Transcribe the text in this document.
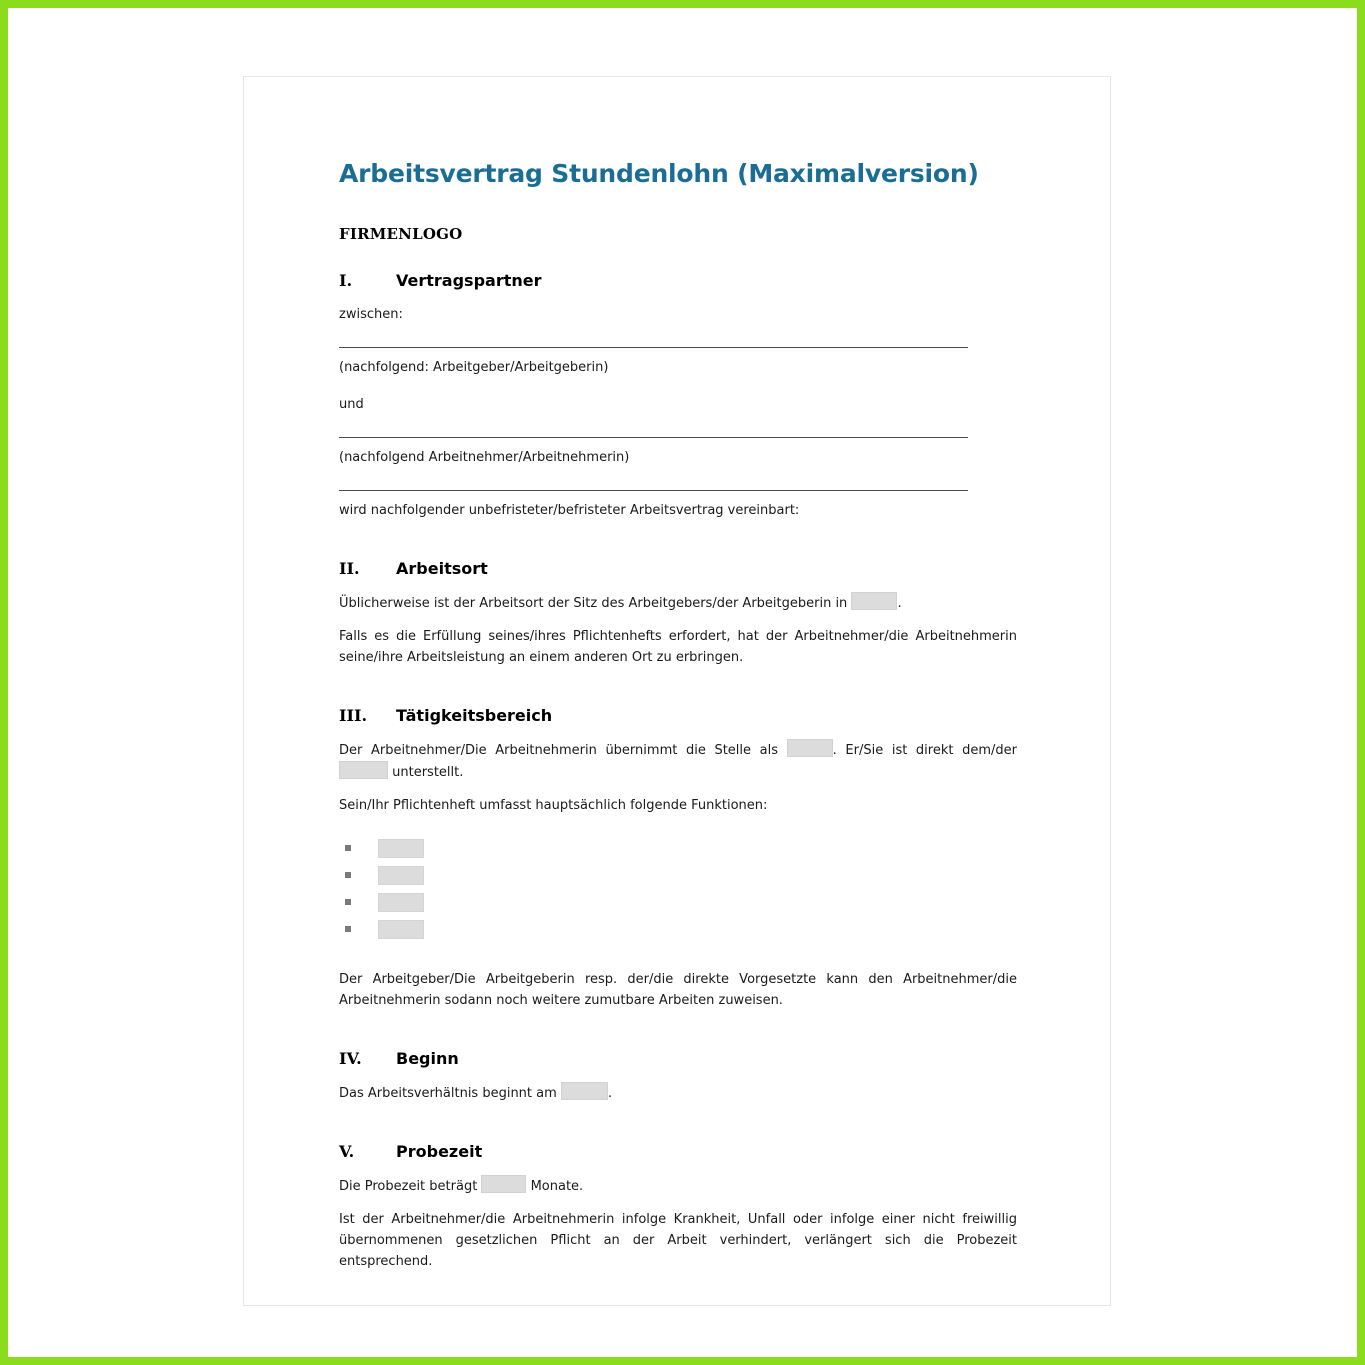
Arbeitsvertrag Stundenlohn (Maximalversion)
FIRMENLOGO
I.	Vertragspartner

zwischen:

(nachfolgend: Arbeitgeber/Arbeitgeberin)

und

(nachfolgend Arbeitnehmer/Arbeitnehmerin)

wird nachfolgender unbefristeter/befristeter Arbeitsvertrag vereinbart:

II.	Arbeitsort

Üblicherweise ist der Arbeitsort der Sitz des Arbeitgebers/der Arbeitgeberin in	.

Falls es die Erfüllung seines/ihres Pflichtenhefts erfordert, hat der Arbeitnehmer/die Arbeitnehmerin seine/ihre Arbeitsleistung an einem anderen Ort zu erbringen.

III.	Tätigkeitsbereich

Der Arbeitnehmer/Die Arbeitnehmerin übernimmt die Stelle als	. Er/Sie ist direkt dem/der  unterstellt.

Sein/Ihr Pflichtenheft umfasst hauptsächlich folgende Funktionen:

Der Arbeitgeber/Die Arbeitgeberin resp. der/die direkte Vorgesetzte kann den Arbeitnehmer/die Arbeitnehmerin sodann noch weitere zumutbare Arbeiten zuweisen.

IV.	Beginn

Das Arbeitsverhältnis beginnt am	.

V.	Probezeit

Die Probezeit beträgt	Monate.

Ist der Arbeitnehmer/die Arbeitnehmerin infolge Krankheit, Unfall oder infolge einer nicht freiwillig übernommenen gesetzlichen Pflicht an der Arbeit verhindert, verlängert sich die Probezeit entsprechend.
